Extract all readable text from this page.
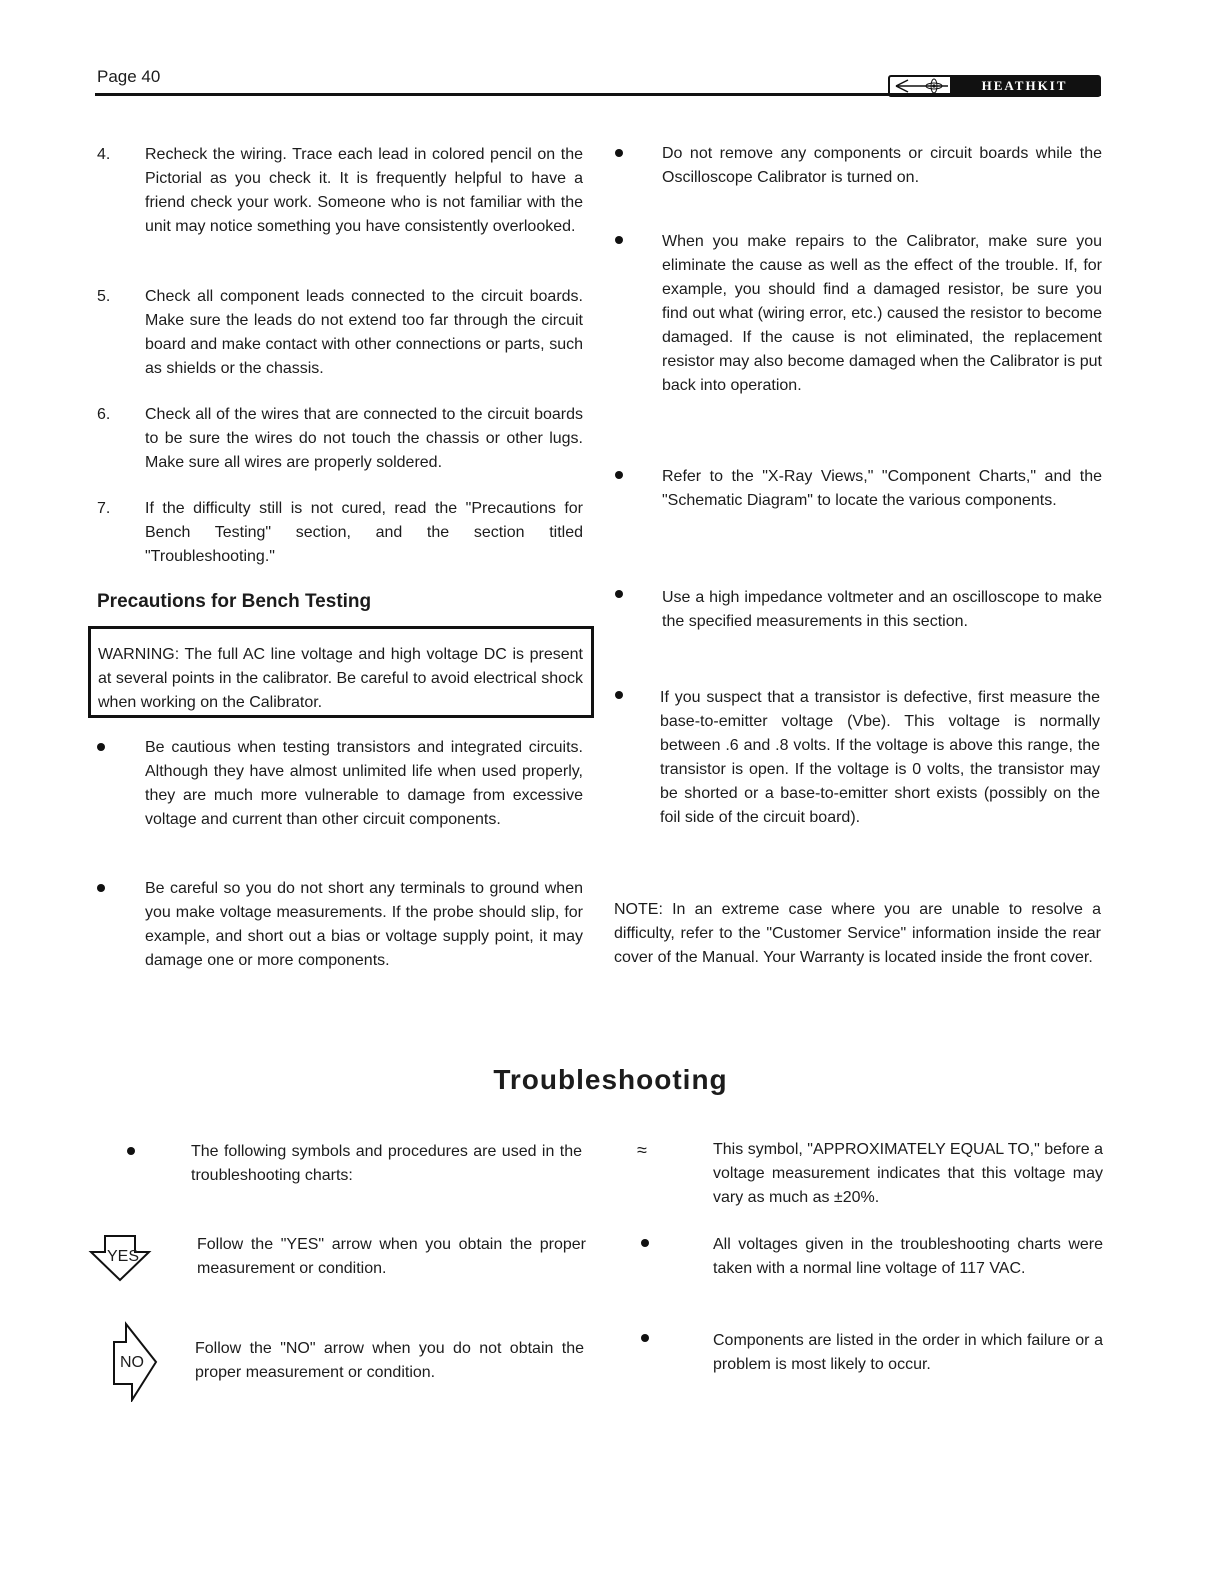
Page 40	HEATHKIT
4. Recheck the wiring. Trace each lead in colored pencil on the Pictorial as you check it. It is frequently helpful to have a friend check your work. Someone who is not familiar with the unit may notice something you have consistently overlooked.
5. Check all component leads connected to the circuit boards. Make sure the leads do not extend too far through the circuit board and make contact with other connections or parts, such as shields or the chassis.
6. Check all of the wires that are connected to the circuit boards to be sure the wires do not touch the chassis or other lugs. Make sure all wires are properly soldered.
7. If the difficulty still is not cured, read the "Precautions for Bench Testing" section, and the section titled "Troubleshooting."
Precautions for Bench Testing
WARNING: The full AC line voltage and high voltage DC is present at several points in the calibrator. Be careful to avoid electrical shock when working on the Calibrator.
Be cautious when testing transistors and integrated circuits. Although they have almost unlimited life when used properly, they are much more vulnerable to damage from excessive voltage and current than other circuit components.
Be careful so you do not short any terminals to ground when you make voltage measurements. If the probe should slip, for example, and short out a bias or voltage supply point, it may damage one or more components.
Do not remove any components or circuit boards while the Oscilloscope Calibrator is turned on.
When you make repairs to the Calibrator, make sure you eliminate the cause as well as the effect of the trouble. If, for example, you should find a damaged resistor, be sure you find out what (wiring error, etc.) caused the resistor to become damaged. If the cause is not eliminated, the replacement resistor may also become damaged when the Calibrator is put back into operation.
Refer to the "X-Ray Views," "Component Charts," and the "Schematic Diagram" to locate the various components.
Use a high impedance voltmeter and an oscilloscope to make the specified measurements in this section.
If you suspect that a transistor is defective, first measure the base-to-emitter voltage (Vbe). This voltage is normally between .6 and .8 volts. If the voltage is above this range, the transistor is open. If the voltage is 0 volts, the transistor may be shorted or a base-to-emitter short exists (possibly on the foil side of the circuit board).
NOTE: In an extreme case where you are unable to resolve a difficulty, refer to the "Customer Service" information inside the rear cover of the Manual. Your Warranty is located inside the front cover.
Troubleshooting
The following symbols and procedures are used in the troubleshooting charts:
YES
Follow the "YES" arrow when you obtain the proper measurement or condition.
NO
Follow the "NO" arrow when you do not obtain the proper measurement or condition.
≈	This symbol, "APPROXIMATELY EQUAL TO," before a voltage measurement indicates that this voltage may vary as much as ±20%.
All voltages given in the troubleshooting charts were taken with a normal line voltage of 117 VAC.
Components are listed in the order in which failure or a problem is most likely to occur.
